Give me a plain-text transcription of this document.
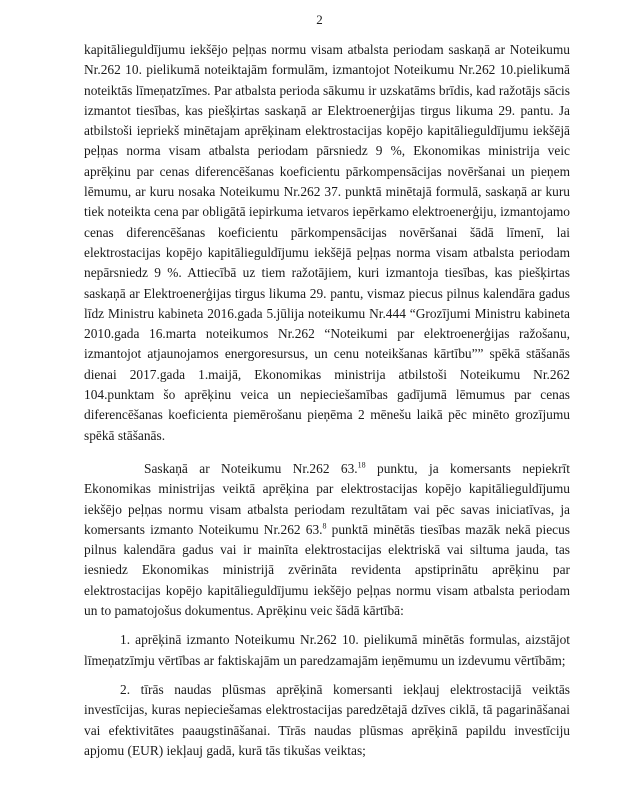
2

kapitālieguldījumu iekšējo peļņas normu visam atbalsta periodam saskaņā ar Noteikumu Nr.262 10. pielikumā noteiktajām formulām, izmantojot Noteikumu Nr.262 10.pielikumā noteiktās līmeņatzīmes. Par atbalsta perioda sākumu ir uzskatāms brīdis, kad ražotājs sācis izmantot tiesības, kas piešķirtas saskaņā ar Elektroenerģijas tirgus likuma 29. pantu. Ja atbilstoši iepriekš minētajam aprēķinam elektrostacijas kopējo kapitālieguldījumu iekšējā peļņas norma visam atbalsta periodam pārsniedz 9 %, Ekonomikas ministrija veic aprēķinu par cenas diferencēšanas koeficientu pārkompensācijas novēršanai un pieņem lēmumu, ar kuru nosaka Noteikumu Nr.262 37. punktā minētajā formulā, saskaņā ar kuru tiek noteikta cena par obligātā iepirkuma ietvaros iepērkamo elektroenerģiju, izmantojamo cenas diferencēšanas koeficientu pārkompensācijas novēršanai šādā līmenī, lai elektrostacijas kopējo kapitālieguldījumu iekšējā peļņas norma visam atbalsta periodam nepārsniedz 9 %. Attiecībā uz tiem ražotājiem, kuri izmantoja tiesības, kas piešķirtas saskaņā ar Elektroenerģijas tirgus likuma 29. pantu, vismaz piecus pilnus kalendāra gadus līdz Ministru kabineta 2016.gada 5.jūlija noteikumu Nr.444 “Grozījumi Ministru kabineta 2010.gada 16.marta noteikumos Nr.262 “Noteikumi par elektroenerģijas ražošanu, izmantojot atjaunojamos energoresursus, un cenu noteikšanas kārtību”” spēkā stāšanās dienai 2017.gada 1.maijā, Ekonomikas ministrija atbilstoši Noteikumu Nr.262 104.punktam šo aprēķinu veica un nepieciešamības gadījumā lēmumus par cenas diferencēšanas koeficienta piemērošanu pieņēma 2 mēnešu laikā pēc minēto grozījumu spēkā stāšanās.

Saskaņā ar Noteikumu Nr.262 63.18 punktu, ja komersants nepiekrīt Ekonomikas ministrijas veiktā aprēķina par elektrostacijas kopējo kapitālieguldījumu iekšējo peļņas normu visam atbalsta periodam rezultātam vai pēc savas iniciatīvas, ja komersants izmanto Noteikumu Nr.262 63.$^8$ punktā minētās tiesības mazāk nekā piecus pilnus kalendāra gadus vai ir mainīta elektrostacijas elektriskā vai siltuma jauda, tas iesniedz Ekonomikas ministrijā zvērināta revidenta apstiprinātu aprēķinu par elektrostacijas kopējo kapitālieguldījumu iekšējo peļņas normu visam atbalsta periodam un to pamatojošus dokumentus. Aprēķinu veic šādā kārtībā:

1. aprēķinā izmanto Noteikumu Nr.262 10. pielikumā minētās formulas, aizstājot līmeņatzīmju vērtības ar faktiskajām un paredzamajām ieņēmumu un izdevumu vērtībām;

2. tīrās naudas plūsmas aprēķinā komersanti iekļauj elektrostacijā veiktās investīcijas, kuras nepieciešamas elektrostacijas paredzētajā dzīves ciklā, tā pagarināšanai vai efektivitātes paaugstināšanai. Tīrās naudas plūsmas aprēķinā papildu investīciju apjomu (EUR) iekļauj gadā, kurā tās tikušas veiktas;
